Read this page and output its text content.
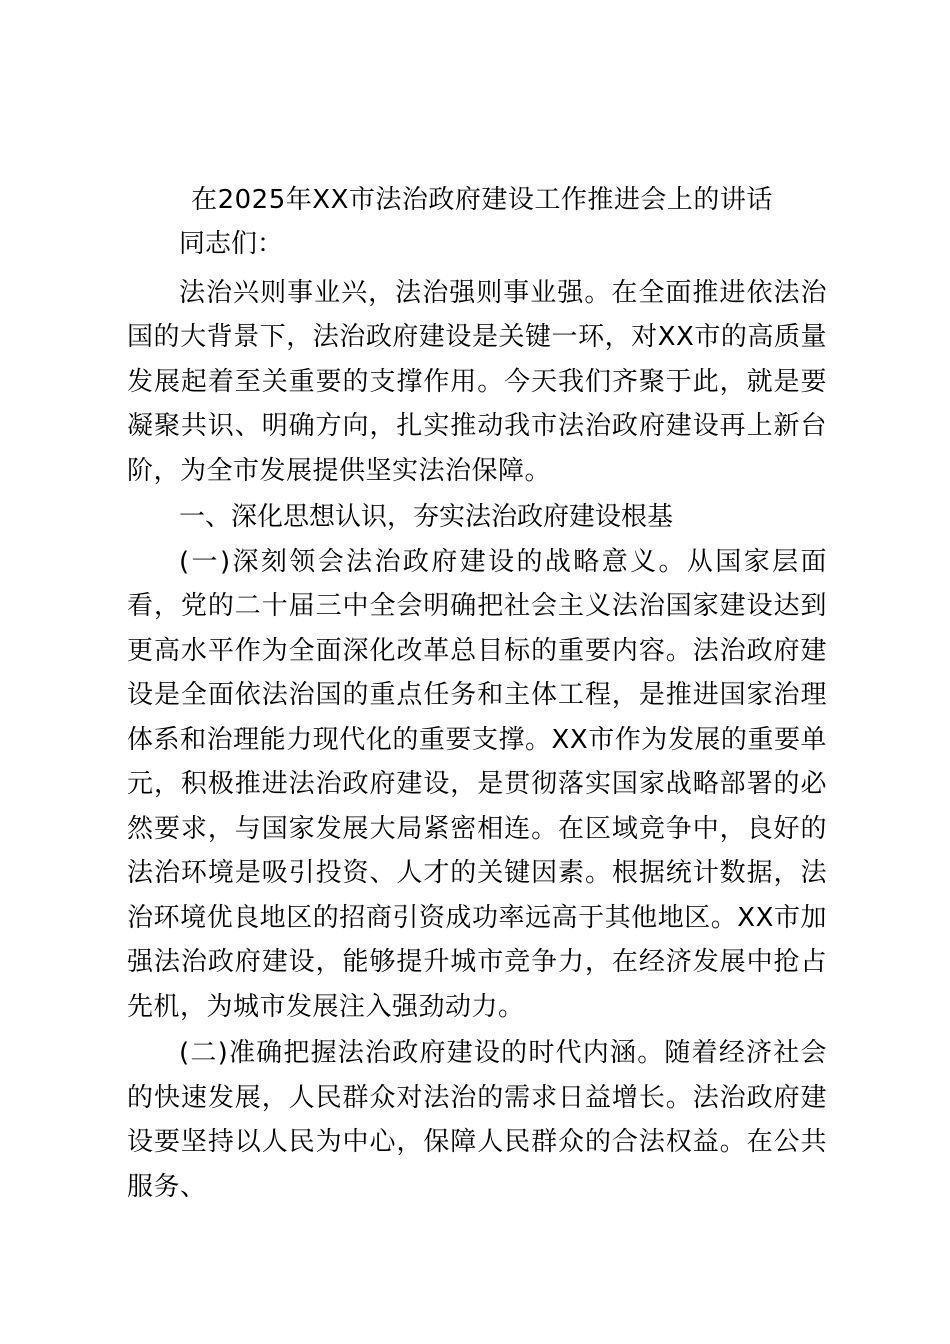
在2025年XX市法治政府建设工作推进会上的讲话

同志们：

法治兴则事业兴，法治强则事业强。在全面推进依法治国的大背景下，法治政府建设是关键一环，对XX市的高质量发展起着至关重要的支撑作用。今天我们齐聚于此，就是要凝聚共识、明确方向，扎实推动我市法治政府建设再上新台阶，为全市发展提供坚实法治保障。

一、深化思想认识，夯实法治政府建设根基

(一)深刻领会法治政府建设的战略意义。从国家层面看，党的二十届三中全会明确把社会主义法治国家建设达到更高水平作为全面深化改革总目标的重要内容。法治政府建设是全面依法治国的重点任务和主体工程，是推进国家治理体系和治理能力现代化的重要支撑。XX市作为发展的重要单元，积极推进法治政府建设，是贯彻落实国家战略部署的必然要求，与国家发展大局紧密相连。在区域竞争中，良好的法治环境是吸引投资、人才的关键因素。根据统计数据，法治环境优良地区的招商引资成功率远高于其他地区。XX市加强法治政府建设，能够提升城市竞争力，在经济发展中抢占先机，为城市发展注入强劲动力。

(二)准确把握法治政府建设的时代内涵。随着经济社会的快速发展，人民群众对法治的需求日益增长。法治政府建设要坚持以人民为中心，保障人民群众的合法权益。在公共服务、
